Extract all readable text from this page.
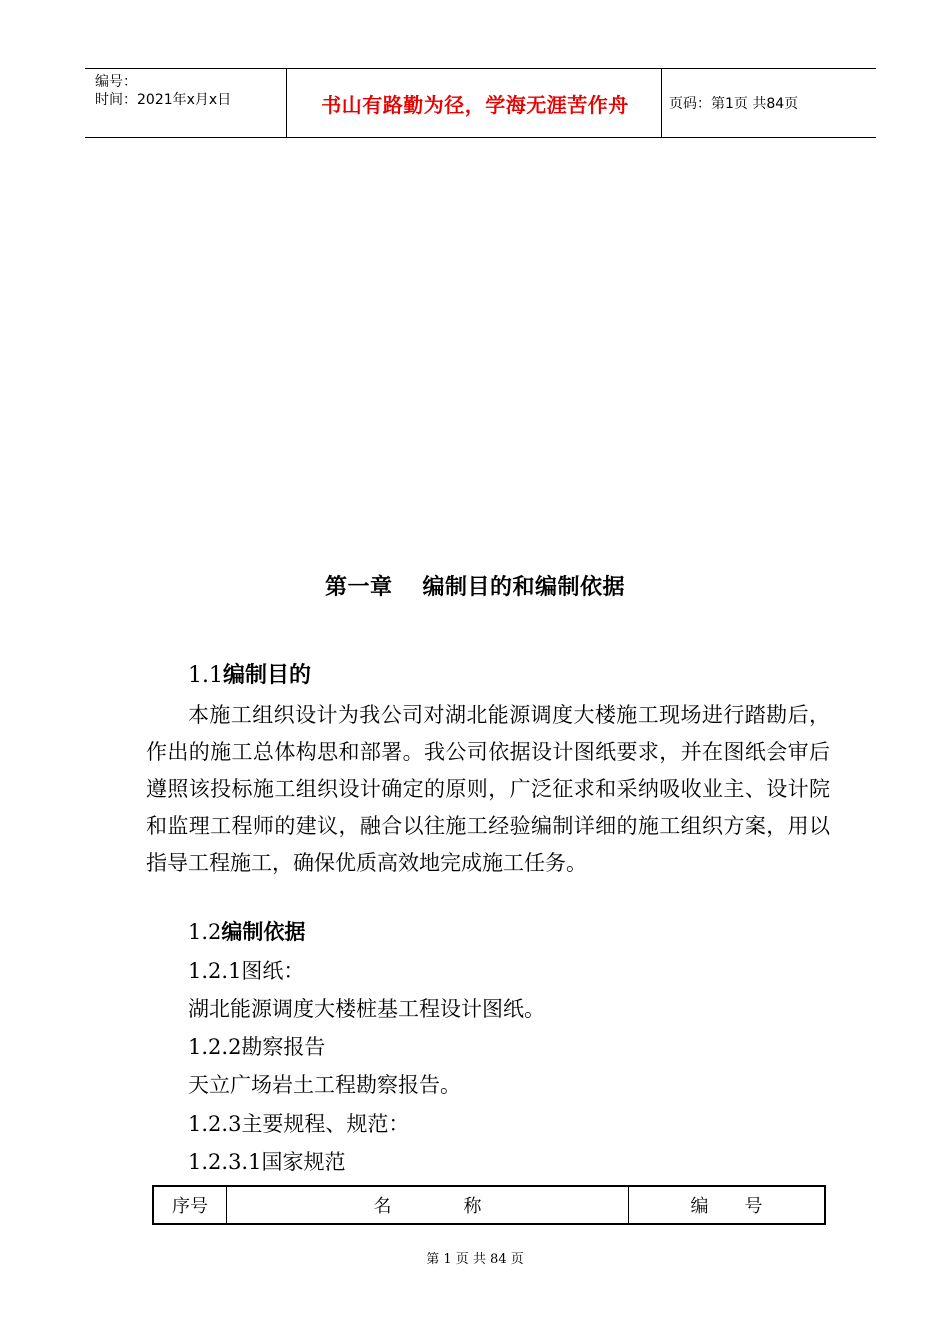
编号：
时间：2021年x月x日	书山有路勤为径，学海无涯苦作舟	页码：第1页 共84页
第一章 编制目的和编制依据
1.1编制目的
本施工组织设计为我公司对湖北能源调度大楼施工现场进行踏勘后，作出的施工总体构思和部署。我公司依据设计图纸要求，并在图纸会审后遵照该投标施工组织设计确定的原则，广泛征求和采纳吸收业主、设计院和监理工程师的建议，融合以往施工经验编制详细的施工组织方案，用以指导工程施工，确保优质高效地完成施工任务。
1.2编制依据
1.2.1图纸：
湖北能源调度大楼桩基工程设计图纸。
1.2.2勘察报告
天立广场岩土工程勘察报告。
1.2.3主要规程、规范：
1.2.3.1国家规范
序号	名　　　　称	编　　号
第 1 页 共 84 页
